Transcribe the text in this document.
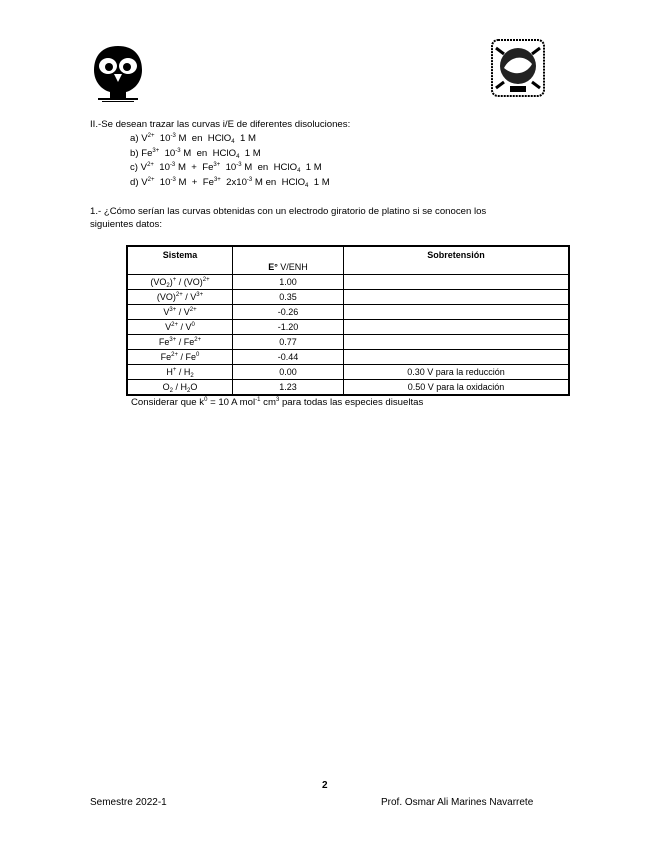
II.-Se desean trazar las curvas i/E de diferentes disoluciones:
a) $V^{2+}$  $10^{-3}$ M  en  HClO$_4$  1 M
b) $Fe^{3+}$  $10^{-3}$ M  en  HClO$_4$  1 M
c) $V^{2+}$  $10^{-3}$ $M + Fe^{3+}$  $10^{-3}$ M  en  HClO$_4$  1 M
d) $V^{2+}$  $10^{-3}$ $M + Fe^{3+}$  $2x10^{-3}$ M en  HClO$_4$  1 M
1.- ¿Cómo serían las curvas obtenidas con un electrodo giratorio de platino si se conocen los
siguientes datos:
Sistema	E° V/ENH	Sobretensión
$(VO_2)^+ / (VO)^{2+}$	1.00	
$(VO)^{2+} / V^{3+}$	0.35	
$V^{3+} / V^{2+}$	-0.26	
$V^{2+} / V^0$	-1.20	
$Fe^{3+} / Fe^{2+}$	0.77	
$Fe^{2+} / Fe^0$	-0.44	
$H^+ / H_2$	0.00	0.30 V para la reducción
$O_2 / H_2O$	1.23	0.50 V para la oxidación
Considerar que $k^0 = 10$ A mol$^{-1}$ $cm^3$ para todas las especies disueltas
2
Semestre 2022-1	Prof. Osmar Ali Marines Navarrete
